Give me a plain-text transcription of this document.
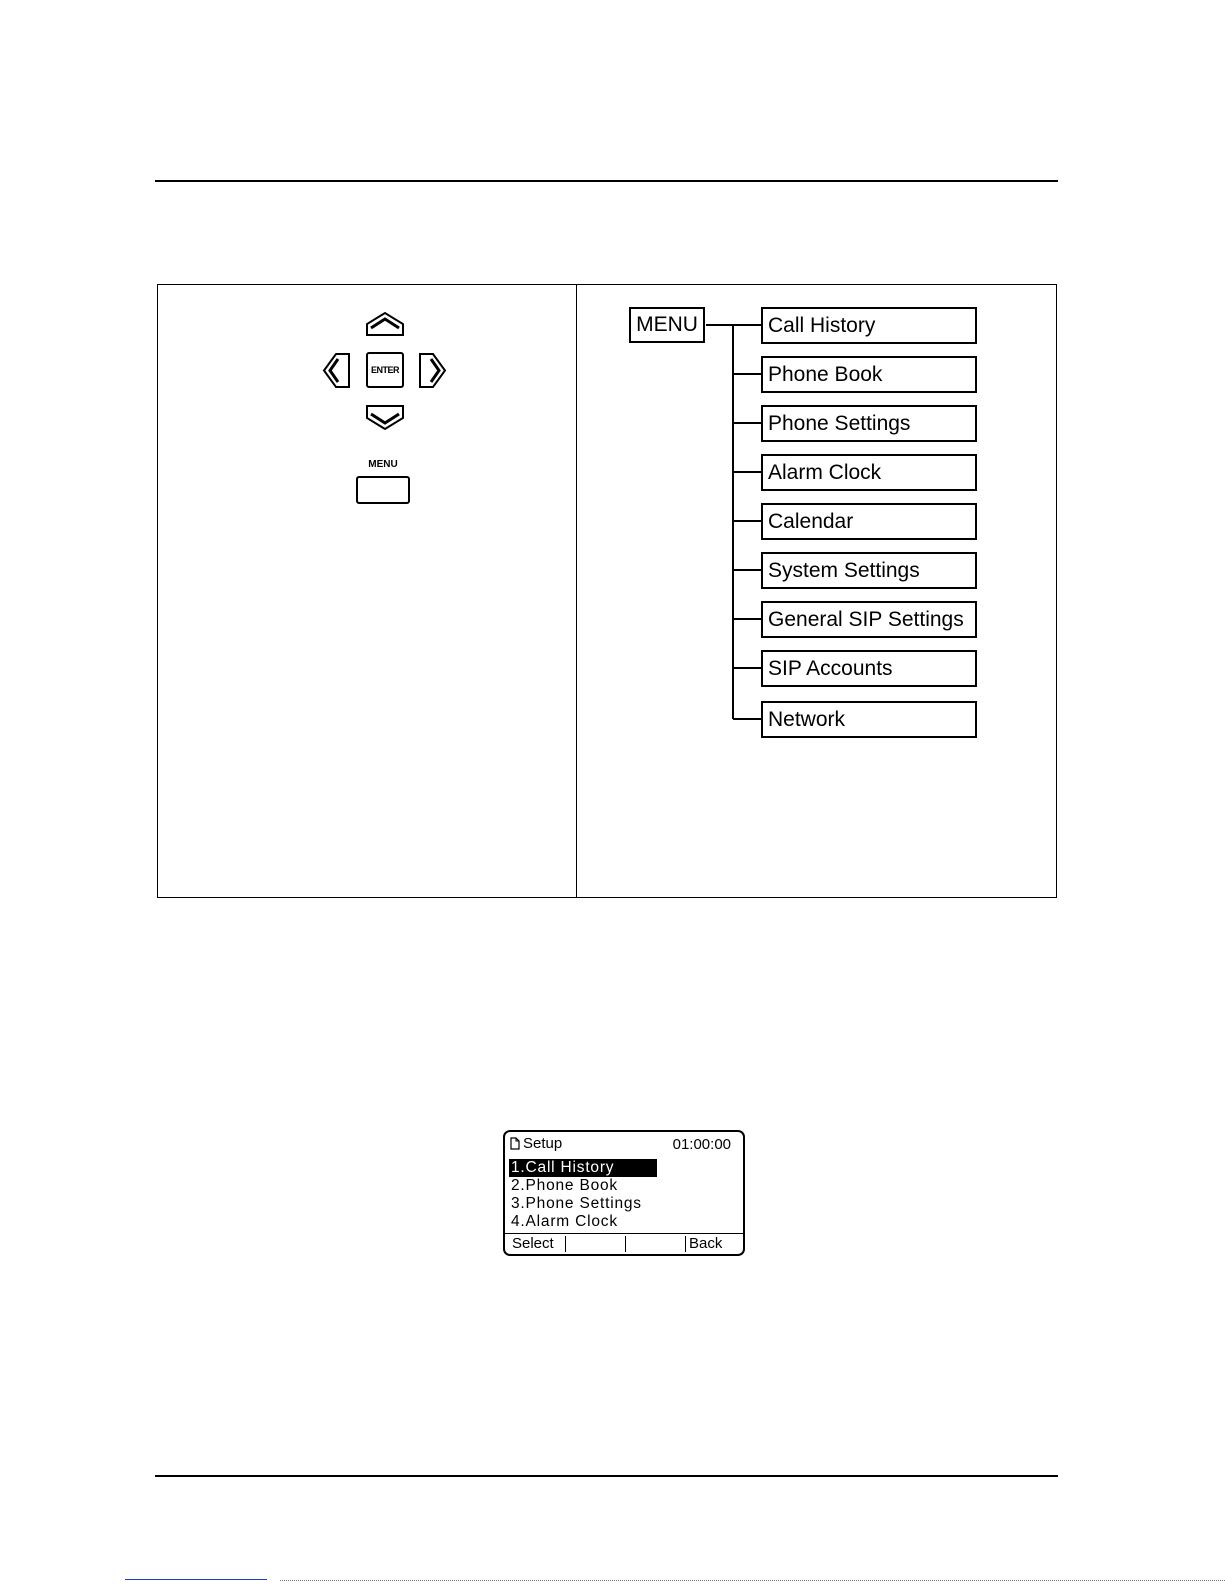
ENTER
MENU
MENU	Call History
Phone Book
Phone Settings
Alarm Clock
Calendar
System Settings
General SIP Settings
SIP Accounts
Network
Setup	01:00:00
1.Call History
2.Phone Book
3.Phone Settings
4.Alarm Clock
Select	Back
